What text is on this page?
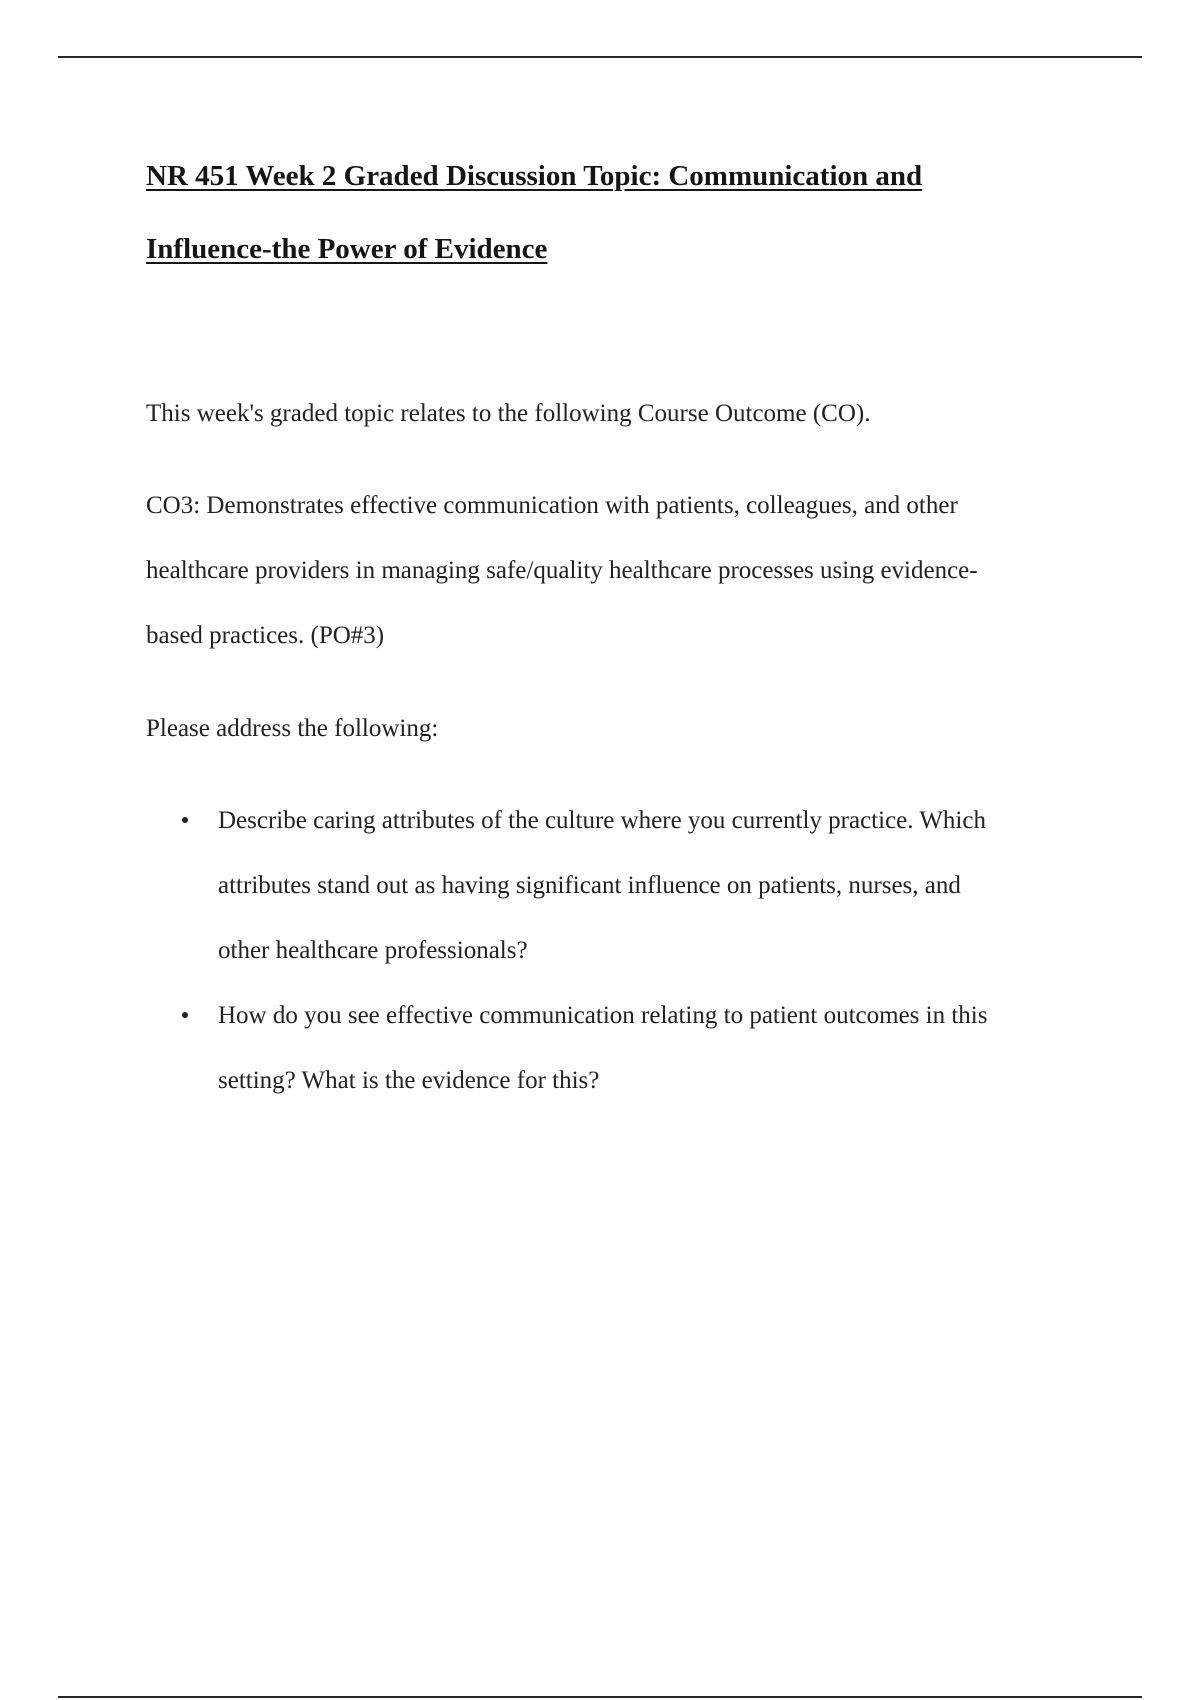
NR 451 Week 2 Graded Discussion Topic: Communication and
Influence-the Power of Evidence

This week's graded topic relates to the following Course Outcome (CO).

CO3: Demonstrates effective communication with patients, colleagues, and other
healthcare providers in managing safe/quality healthcare processes using evidence-
based practices. (PO#3)

Please address the following:

Describe caring attributes of the culture where you currently practice. Which
attributes stand out as having significant influence on patients, nurses, and
other healthcare professionals?
How do you see effective communication relating to patient outcomes in this
setting? What is the evidence for this?
